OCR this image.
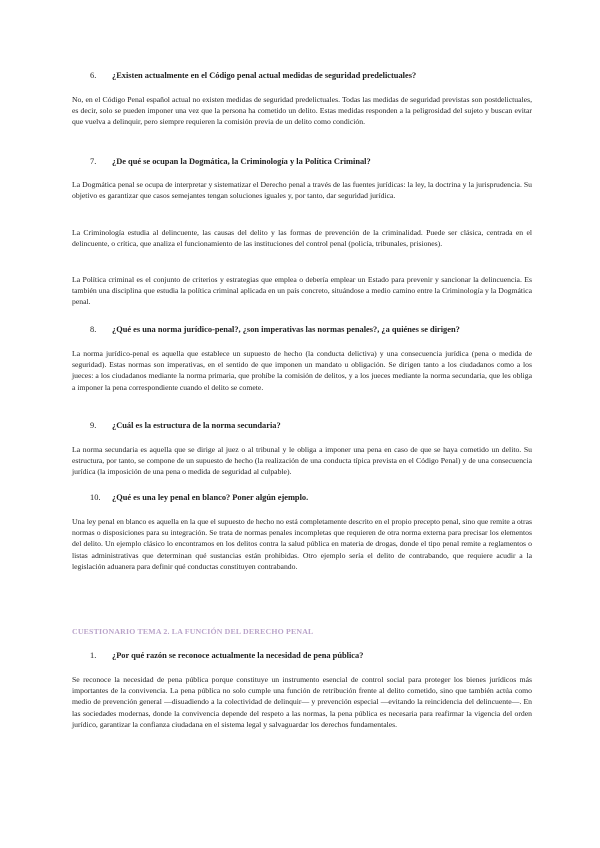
6. ¿Existen actualmente en el Código penal actual medidas de seguridad predelictuales?
No, en el Código Penal español actual no existen medidas de seguridad predelictuales. Todas las medidas de seguridad previstas son postdelictuales, es decir, solo se pueden imponer una vez que la persona ha cometido un delito. Estas medidas responden a la peligrosidad del sujeto y buscan evitar que vuelva a delinquir, pero siempre requieren la comisión previa de un delito como condición.
7. ¿De qué se ocupan la Dogmática, la Criminología y la Política Criminal?
La Dogmática penal se ocupa de interpretar y sistematizar el Derecho penal a través de las fuentes jurídicas: la ley, la doctrina y la jurisprudencia. Su objetivo es garantizar que casos semejantes tengan soluciones iguales y, por tanto, dar seguridad jurídica.
La Criminología estudia al delincuente, las causas del delito y las formas de prevención de la criminalidad. Puede ser clásica, centrada en el delincuente, o crítica, que analiza el funcionamiento de las instituciones del control penal (policía, tribunales, prisiones).
La Política criminal es el conjunto de criterios y estrategias que emplea o debería emplear un Estado para prevenir y sancionar la delincuencia. Es también una disciplina que estudia la política criminal aplicada en un país concreto, situándose a medio camino entre la Criminología y la Dogmática penal.
8. ¿Qué es una norma jurídico-penal?, ¿son imperativas las normas penales?, ¿a quiénes se dirigen?
La norma jurídico-penal es aquella que establece un supuesto de hecho (la conducta delictiva) y una consecuencia jurídica (pena o medida de seguridad). Estas normas son imperativas, en el sentido de que imponen un mandato u obligación. Se dirigen tanto a los ciudadanos como a los jueces: a los ciudadanos mediante la norma primaria, que prohíbe la comisión de delitos, y a los jueces mediante la norma secundaria, que les obliga a imponer la pena correspondiente cuando el delito se comete.
9. ¿Cuál es la estructura de la norma secundaria?
La norma secundaria es aquella que se dirige al juez o al tribunal y le obliga a imponer una pena en caso de que se haya cometido un delito. Su estructura, por tanto, se compone de un supuesto de hecho (la realización de una conducta típica prevista en el Código Penal) y de una consecuencia jurídica (la imposición de una pena o medida de seguridad al culpable).
10. ¿Qué es una ley penal en blanco? Poner algún ejemplo.
Una ley penal en blanco es aquella en la que el supuesto de hecho no está completamente descrito en el propio precepto penal, sino que remite a otras normas o disposiciones para su integración. Se trata de normas penales incompletas que requieren de otra norma externa para precisar los elementos del delito. Un ejemplo clásico lo encontramos en los delitos contra la salud pública en materia de drogas, donde el tipo penal remite a reglamentos o listas administrativas que determinan qué sustancias están prohibidas. Otro ejemplo sería el delito de contrabando, que requiere acudir a la legislación aduanera para definir qué conductas constituyen contrabando.
CUESTIONARIO TEMA 2. LA FUNCIÓN DEL DERECHO PENAL
1. ¿Por qué razón se reconoce actualmente la necesidad de pena pública?
Se reconoce la necesidad de pena pública porque constituye un instrumento esencial de control social para proteger los bienes jurídicos más importantes de la convivencia. La pena pública no solo cumple una función de retribución frente al delito cometido, sino que también actúa como medio de prevención general —disuadiendo a la colectividad de delinquir— y prevención especial —evitando la reincidencia del delincuente—. En las sociedades modernas, donde la convivencia depende del respeto a las normas, la pena pública es necesaria para reafirmar la vigencia del orden jurídico, garantizar la confianza ciudadana en el sistema legal y salvaguardar los derechos fundamentales.
